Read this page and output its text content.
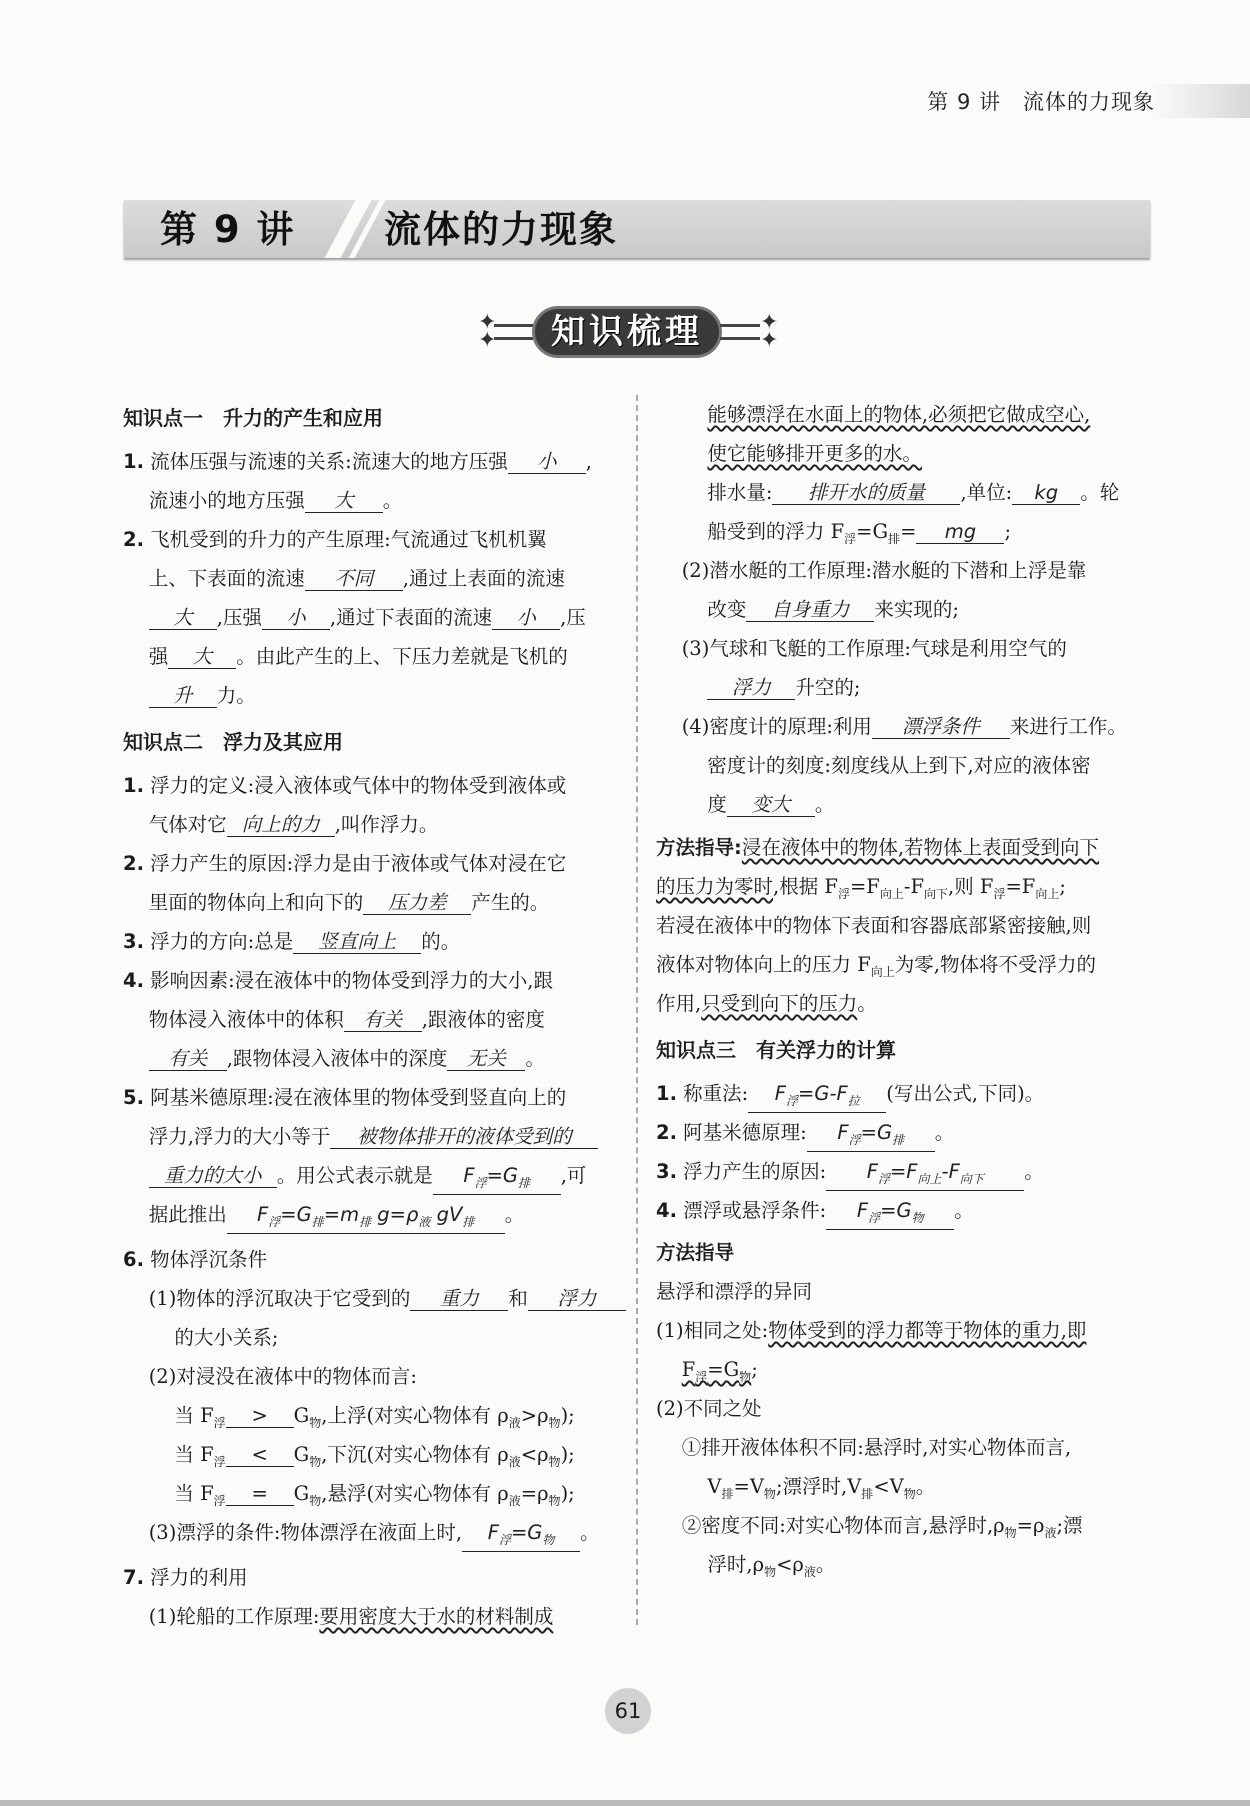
第 9 讲　流体的力现象
第 9 讲 流体的力现象
✦
✦	知识梳理	✦
✦
知识点一　升力的产生和应用
1. 流体压强与流速的关系:流速大的地方压强 小 ,
　 流速小的地方压强 大 。
2. 飞机受到的升力的产生原理:气流通过飞机机翼
　 上、下表面的流速 不同 ,通过上表面的流速
　 大 ,压强 小 ,通过下表面的流速 小 ,压
　 强 大 。由此产生的上、下压力差就是飞机的
　 升 力。
知识点二　浮力及其应用
1. 浮力的定义:浸入液体或气体中的物体受到液体或
　 气体对它 向上的力 ,叫作浮力。
2. 浮力产生的原因:浮力是由于液体或气体对浸在它
　 里面的物体向上和向下的 压力差 产生的。
3. 浮力的方向:总是 竖直向上 的。
4. 影响因素:浸在液体中的物体受到浮力的大小,跟
　 物体浸入液体中的体积 有关 ,跟液体的密度
　 有关 ,跟物体浸入液体中的深度 无关 。
5. 阿基米德原理:浸在液体里的物体受到竖直向上的
　 浮力,浮力的大小等于 被物体排开的液体受到的
　 重力的大小 。用公式表示就是 $F_浮=G_排$ ,可
　 据此推出 $F_浮=G_排=m_排$ $g=\rho_液$ $gV_排$ 。
6. 物体浮沉条件
　 (1)物体的浮沉取决于它受到的 重力 和 浮力
　 　 的大小关系;
　 (2)对浸没在液体中的物体而言:
　 　 当 $F_浮 > G_物$,上浮(对实心物体有 $\rho_液>\rho_物$);
　 　 当 $F_浮 < G_物$,下沉(对实心物体有 $\rho_液<\rho_物$);
　 　 当 $F_浮 = G_物$,悬浮(对实心物体有 $\rho_液=\rho_物$);
　 (3)漂浮的条件:物体漂浮在液面上时, $F_浮=G_物$ 。
7. 浮力的利用
　 (1)轮船的工作原理:要用密度大于水的材料制成
　 　 能够漂浮在水面上的物体,必须把它做成空心,
　 　 使它能够排开更多的水。
　 　 排水量: 排开水的质量 ,单位: kg 。轮
　 　 船受到的浮力 $F_浮=G_排=$ mg ;
　 (2)潜水艇的工作原理:潜水艇的下潜和上浮是靠
　 　 改变 自身重力 来实现的;
　 (3)气球和飞艇的工作原理:气球是利用空气的
　 　 浮力 升空的;
　 (4)密度计的原理:利用 漂浮条件 来进行工作。
　 　 密度计的刻度:刻度线从上到下,对应的液体密
　 　 度 变大 。
方法指导:浸在液体中的物体,若物体上表面受到向下
的压力为零时,根据 $F_浮=F_{向上}-F_{向下}$,则 $F_浮=F_{向上}$;
若浸在液体中的物体下表面和容器底部紧密接触,则
液体对物体向上的压力 $F_{向上}$为零,物体将不受浮力的
作用,只受到向下的压力。
知识点三　有关浮力的计算
1. 称重法: $F_浮=G-F_拉$ (写出公式,下同)。
2. 阿基米德原理: $F_浮=G_排$ 。
3. 浮力产生的原因: $F_浮=F_{向上}-F_{向下}$ 。
4. 漂浮或悬浮条件: $F_浮=G_物$ 。
方法指导
悬浮和漂浮的异同
(1)相同之处:物体受到的浮力都等于物体的重力,即
　 $F_浮=G_物$;
(2)不同之处
　 ①排开液体体积不同:悬浮时,对实心物体而言,
　 　 $V_排=V_物$;漂浮时$,V_排<V_物$。
　 ②密度不同:对实心物体而言,悬浮时$,\rho_物=\rho_液$;漂
　 　 浮时$,\rho_物<\rho_液$。
61
